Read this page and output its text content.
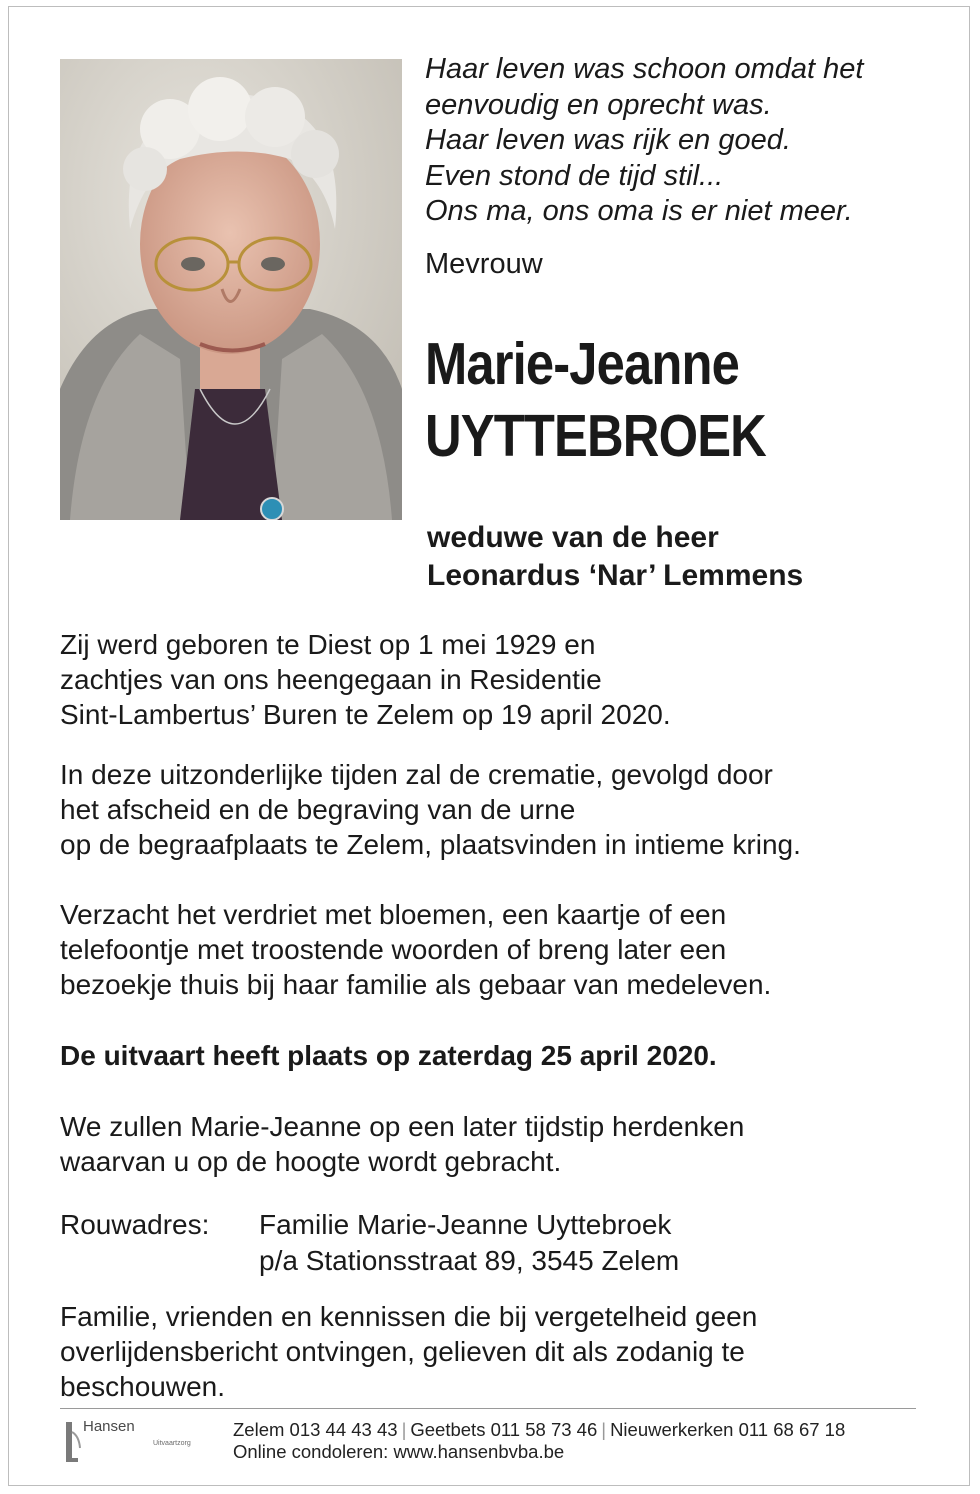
Haar leven was schoon omdat het
eenvoudig en oprecht was.
Haar leven was rijk en goed.
Even stond de tijd stil...
Ons ma, ons oma is er niet meer.
Mevrouw
Marie-Jeanne
UYTTEBROEK
weduwe van de heer
Leonardus ‘Nar’ Lemmens
Zij werd geboren te Diest op 1 mei 1929 en
zachtjes van ons heengegaan in Residentie
Sint-Lambertus’ Buren te Zelem op 19 april 2020.
In deze uitzonderlijke tijden zal de crematie, gevolgd door
het afscheid en de begraving van de urne
op de begraafplaats te Zelem, plaatsvinden in intieme kring.
Verzacht het verdriet met bloemen, een kaartje of een
telefoontje met troostende woorden of breng later een
bezoekje thuis bij haar familie als gebaar van medeleven.
De uitvaart heeft plaats op zaterdag 25 april 2020.
We zullen Marie-Jeanne op een later tijdstip herdenken
waarvan u op de hoogte wordt gebracht.
Rouwadres: Familie Marie-Jeanne Uyttebroek
p/a Stationsstraat 89, 3545 Zelem
Familie, vrienden en kennissen die bij vergetelheid geen
overlijdensbericht ontvingen, gelieven dit als zodanig te
beschouwen.
Hansen
Uitvaartzorg
Zelem 013 44 43 43 | Geetbets 011 58 73 46 | Nieuwerkerken 011 68 67 18
Online condoleren: www.hansenbvba.be
